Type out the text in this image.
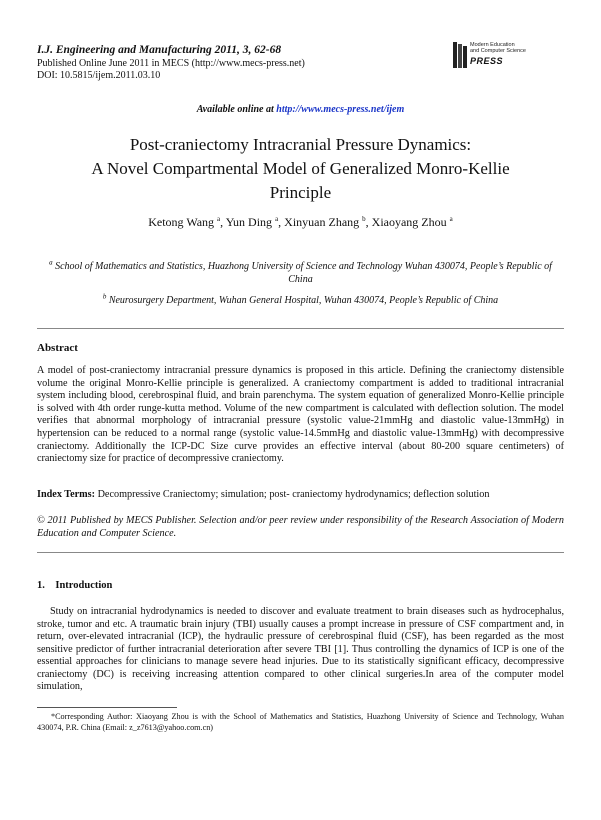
I.J. Engineering and Manufacturing 2011, 3, 62-68
Published Online June 2011 in MECS (http://www.mecs-press.net)
DOI: 10.5815/ijem.2011.03.10
Modern Education
and Computer Science
PRESS
Available online at http://www.mecs-press.net/ijem
Post-craniectomy Intracranial Pressure Dynamics:
A Novel Compartmental Model of Generalized Monro-Kellie
Principle
Ketong Wang $^a$, Yun Ding $^a$, Xinyuan Zhang $^b$, Xiaoyang Zhou $^a$
$^a$ School of Mathematics and Statistics, Huazhong University of Science and Technology Wuhan 430074, People’s Republic of China
$^b$ Neurosurgery Department, Wuhan General Hospital, Wuhan 430074, People’s Republic of China
Abstract
A model of post-craniectomy intracranial pressure dynamics is proposed in this article. Defining the craniectomy distensible volume the original Monro-Kellie principle is generalized. A craniectomy compartment is added to traditional intracranial system including blood, cerebrospinal fluid, and brain parenchyma. The system equation of generalized Monro-Kellie principle is solved with 4th order runge-kutta method. Volume of the new compartment is calculated with deflection solution. The model verifies that abnormal morphology of intracranial pressure (systolic value-21mmHg and diastolic value-13mmHg) in hypertension can be reduced to a normal range (systolic value-14.5mmHg and diastolic value-13mmHg) with decompressive craniectomy. Additionally the ICP-DC Size curve provides an effective interval (about 80-200 square centimeters) of craniectomy size for practice of decompressive craniectomy.
Index Terms: Decompressive Craniectomy; simulation; post- craniectomy hydrodynamics; deflection solution
© 2011 Published by MECS Publisher. Selection and/or peer review under responsibility of the Research Association of Modern Education and Computer Science.
1.    Introduction
Study on intracranial hydrodynamics is needed to discover and evaluate treatment to brain diseases such as hydrocephalus, stroke, tumor and etc. A traumatic brain injury (TBI) usually causes a prompt increase in pressure of CSF compartment and, in return, over-elevated intracranial (ICP), the hydraulic pressure of cerebrospinal fluid (CSF), has been regarded as the most sensitive predictor of further intracranial deterioration after severe TBI [1]. Thus controlling the dynamics of ICP is one of the essential approaches for clinicians to manage severe head injuries. Due to its statistically significant efficacy, decompressive craniectomy (DC) is receiving increasing attention compared to other clinical surgeries.In area of the computer model simulation,
*Corresponding Author: Xiaoyang Zhou is with the School of Mathematics and Statistics, Huazhong University of Science and Technology, Wuhan 430074, P.R. China (Email: z_z7613@yahoo.com.cn)
